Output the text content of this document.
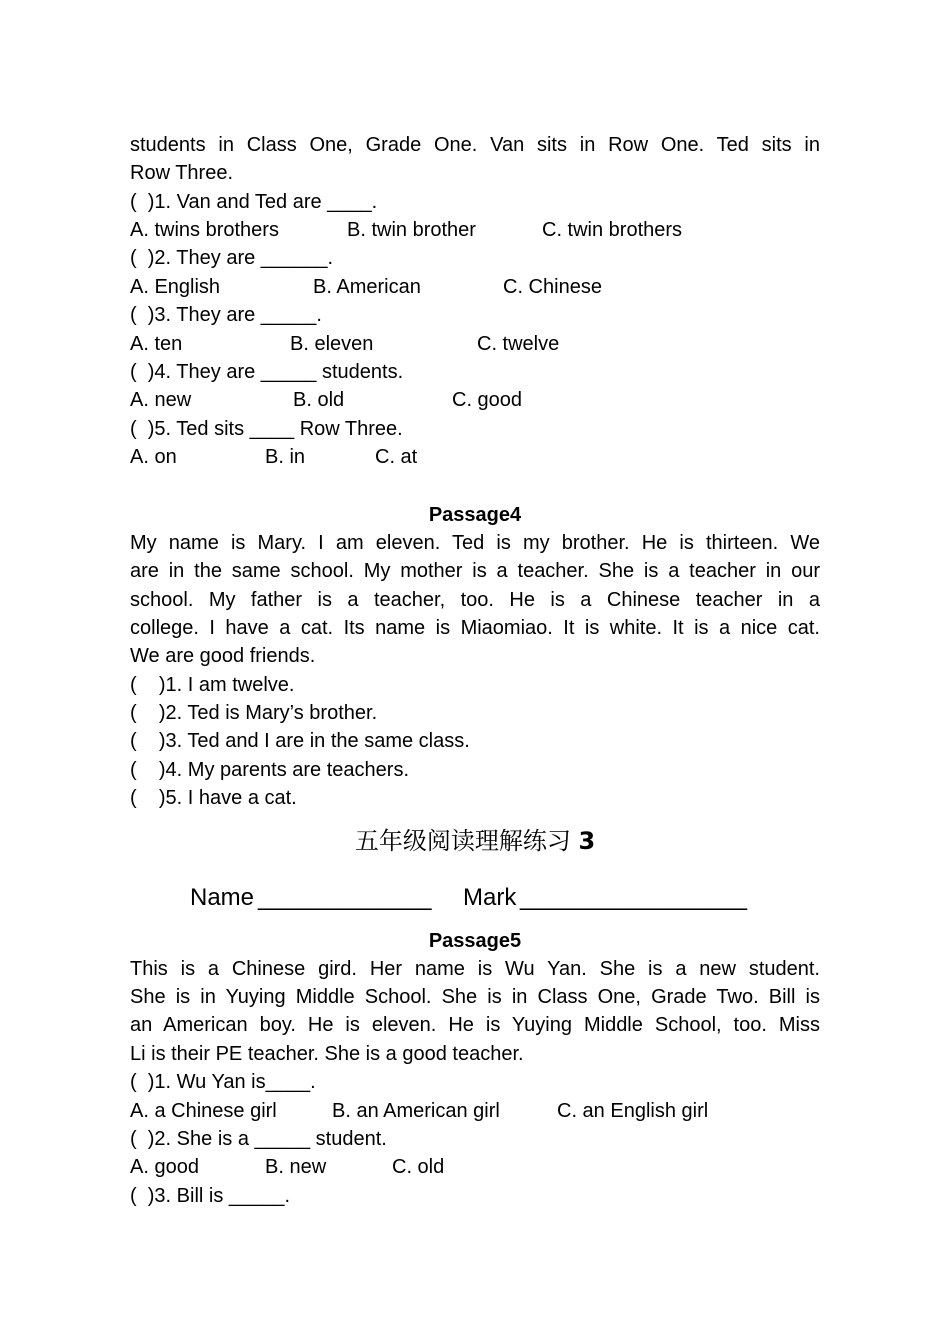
students in Class One, Grade One. Van sits in Row One. Ted sits in
Row Three.
(  )1. Van and Ted are ____.

A. twins brothers

	B. twin brother

	C. twin brothers

(  )2. They are ______.

A. English

	B. American

	C. Chinese

(  )3. They are _____.

A. ten

	B. eleven

	C. twelve

(  )4. They are _____ students.

A. new

	B. old

	C. good

(  )5. Ted sits ____ Row Three.

A. on

	B. in

	C. at

Passage4
My name is Mary. I am eleven. Ted is my brother. He is thirteen. We
are in the same school. My mother is a teacher. She is a teacher in our
school. My father is a teacher, too. He is a Chinese teacher in a
college. I have a cat. Its name is Miaomiao. It is white. It is a nice cat.
We are good friends.
(    )1. I am twelve.
(    )2. Ted is Mary’s brother.
(    )3. Ted and I are in the same class.
(    )4. My parents are teachers.
(    )5. I have a cat.
五年级阅读理解练习 3

Name

_____________

Mark

_________________

Passage5
This is a Chinese gird. Her name is Wu Yan. She is a new student.
She is in Yuying Middle School. She is in Class One, Grade Two. Bill is
an American boy. He is eleven. He is Yuying Middle School, too. Miss
Li is their PE teacher. She is a good teacher.
(  )1. Wu Yan is____.

A. a Chinese girl

	B. an American girl

	C. an English girl

(  )2. She is a _____ student.

A. good

	B. new

	C. old

(  )3. Bill is _____.
